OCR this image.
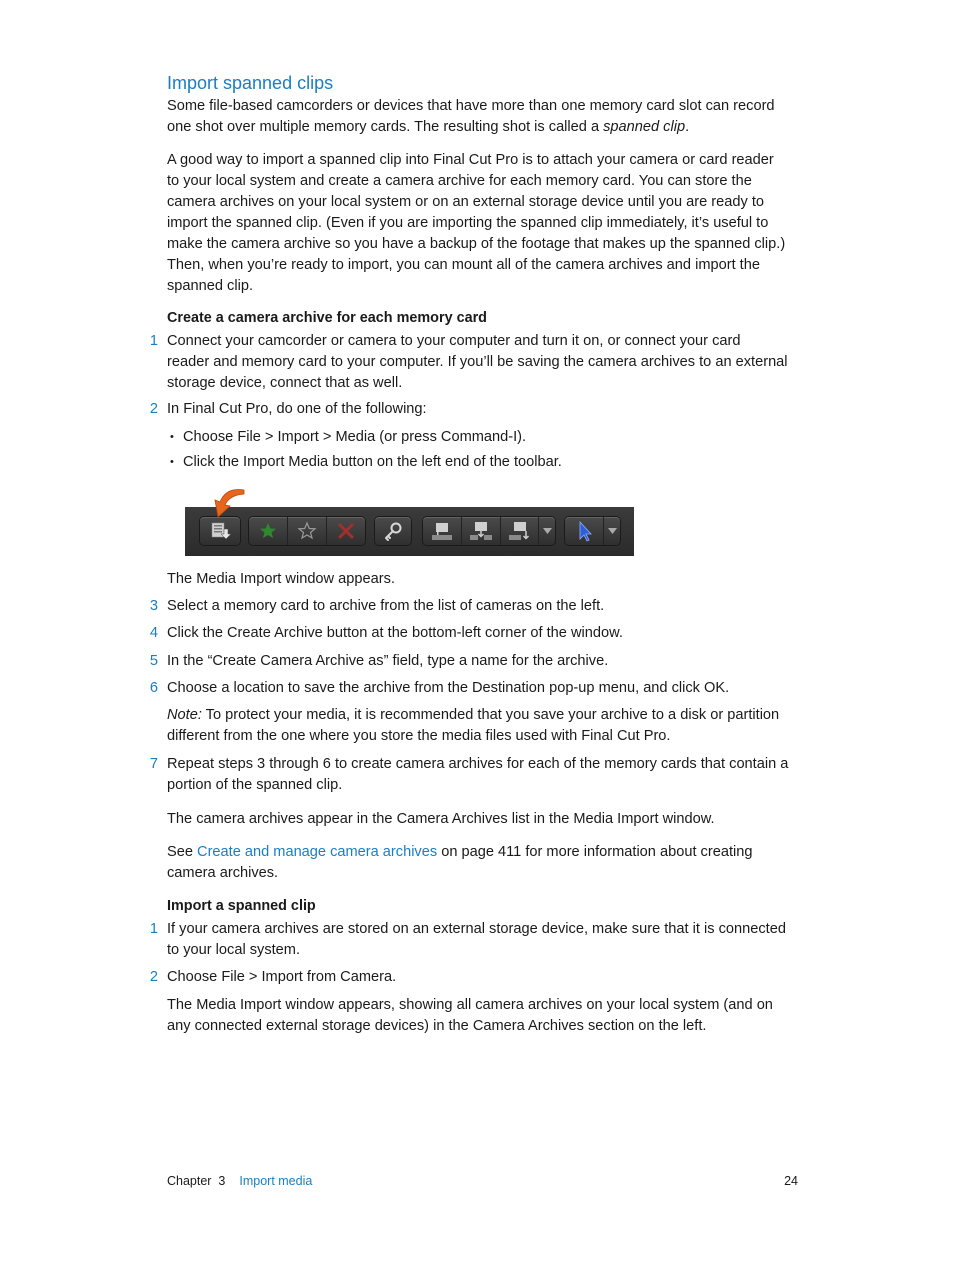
Import spanned clips
Some file-based camcorders or devices that have more than one memory card slot can record
one shot over multiple memory cards. The resulting shot is called a spanned clip.
A good way to import a spanned clip into Final Cut Pro is to attach your camera or card reader
to your local system and create a camera archive for each memory card. You can store the
camera archives on your local system or on an external storage device until you are ready to
import the spanned clip. (Even if you are importing the spanned clip immediately, it’s useful to
make the camera archive so you have a backup of the footage that makes up the spanned clip.)
Then, when you’re ready to import, you can mount all of the camera archives and import the
spanned clip.
Create a camera archive for each memory card
1 Connect your camcorder or camera to your computer and turn it on, or connect your card
reader and memory card to your computer. If you’ll be saving the camera archives to an external
storage device, connect that as well.
2 In Final Cut Pro, do one of the following:
• Choose File > Import > Media (or press Command-I).
• Click the Import Media button on the left end of the toolbar.
The Media Import window appears.
3 Select a memory card to archive from the list of cameras on the left.
4 Click the Create Archive button at the bottom-left corner of the window.
5 In the “Create Camera Archive as” field, type a name for the archive.
6 Choose a location to save the archive from the Destination pop-up menu, and click OK.
Note: To protect your media, it is recommended that you save your archive to a disk or partition
different from the one where you store the media files used with Final Cut Pro.
7 Repeat steps 3 through 6 to create camera archives for each of the memory cards that contain a
portion of the spanned clip.
The camera archives appear in the Camera Archives list in the Media Import window.
See Create and manage camera archives on page 411 for more information about creating
camera archives.
Import a spanned clip
1 If your camera archives are stored on an external storage device, make sure that it is connected
to your local system.
2 Choose File > Import from Camera.
The Media Import window appears, showing all camera archives on your local system (and on
any connected external storage devices) in the Camera Archives section on the left.
Chapter  3 Import media	24
